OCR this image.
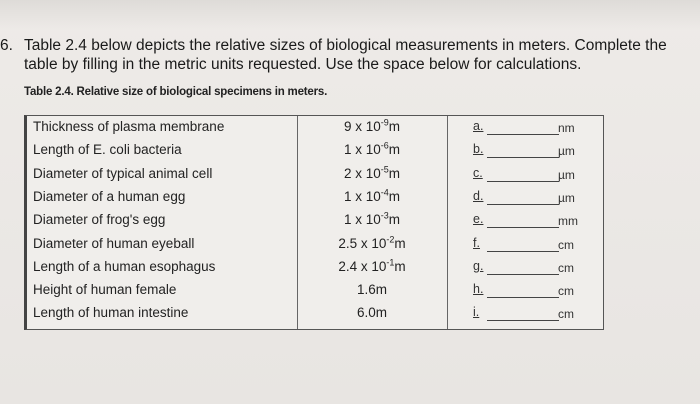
6. Table 2.4 below depicts the relative sizes of biological measurements in meters. Complete the table by filling in the metric units requested. Use the space below for calculations.
Table 2.4. Relative size of biological specimens in meters.
Thickness of plasma membrane	9 x $10^{-9}m$	a.	nm
Length of E. coli bacteria	1 x $10^{-6}m$	b.	µm
Diameter of typical animal cell	2 x $10^{-5}m$	c.	µm
Diameter of a human egg	1 x $10^{-4}m$	d.	µm
Diameter of frog's egg	1 x $10^{-3}m$	e.	mm
Diameter of human eyeball	2.5 x $10^{-2}m$	f.	cm
Length of a human esophagus	2.4 x $10^{-1}m$	g.	cm
Height of human female	1.6m	h.	cm
Length of human intestine	6.0m	i.	cm
